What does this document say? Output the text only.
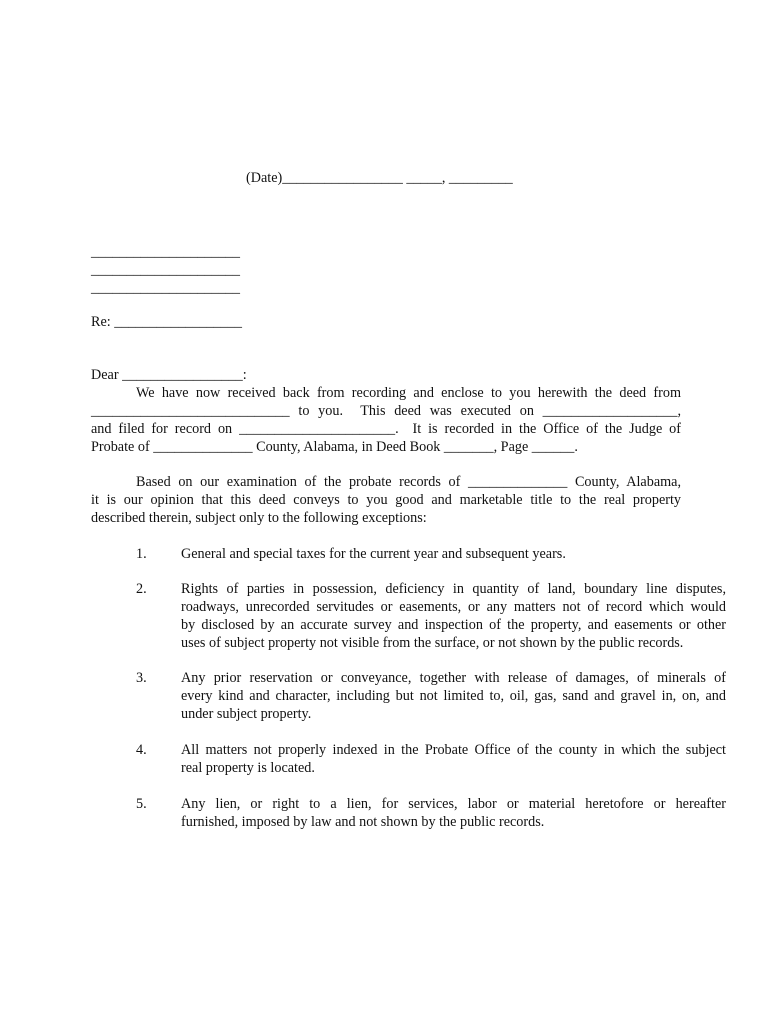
(Date)_________________ _____, _________
_____________________
_____________________
_____________________
Re: __________________
Dear _________________:
We have now received back from recording and enclose to you herewith the deed from
____________________________ to you.  This deed was executed on ___________________,
and filed for record on ______________________.  It is recorded in the Office of the Judge of
Probate of ______________ County, Alabama, in Deed Book _______, Page ______.
Based on our examination of the probate records of ______________ County, Alabama,
it is our opinion that this deed conveys to you good and marketable title to the real property
described therein, subject only to the following exceptions:
1. General and special taxes for the current year and subsequent years.
2. Rights of parties in possession, deficiency in quantity of land, boundary line disputes,
roadways, unrecorded servitudes or easements, or any matters not of record which would
by disclosed by an accurate survey and inspection of the property, and easements or other
uses of subject property not visible from the surface, or not shown by the public records.
3. Any prior reservation or conveyance, together with release of damages, of minerals of
every kind and character, including but not limited to, oil, gas, sand and gravel in, on, and
under subject property.
4. All matters not properly indexed in the Probate Office of the county in which the subject
real property is located.
5. Any lien, or right to a lien, for services, labor or material heretofore or hereafter
furnished, imposed by law and not shown by the public records.
